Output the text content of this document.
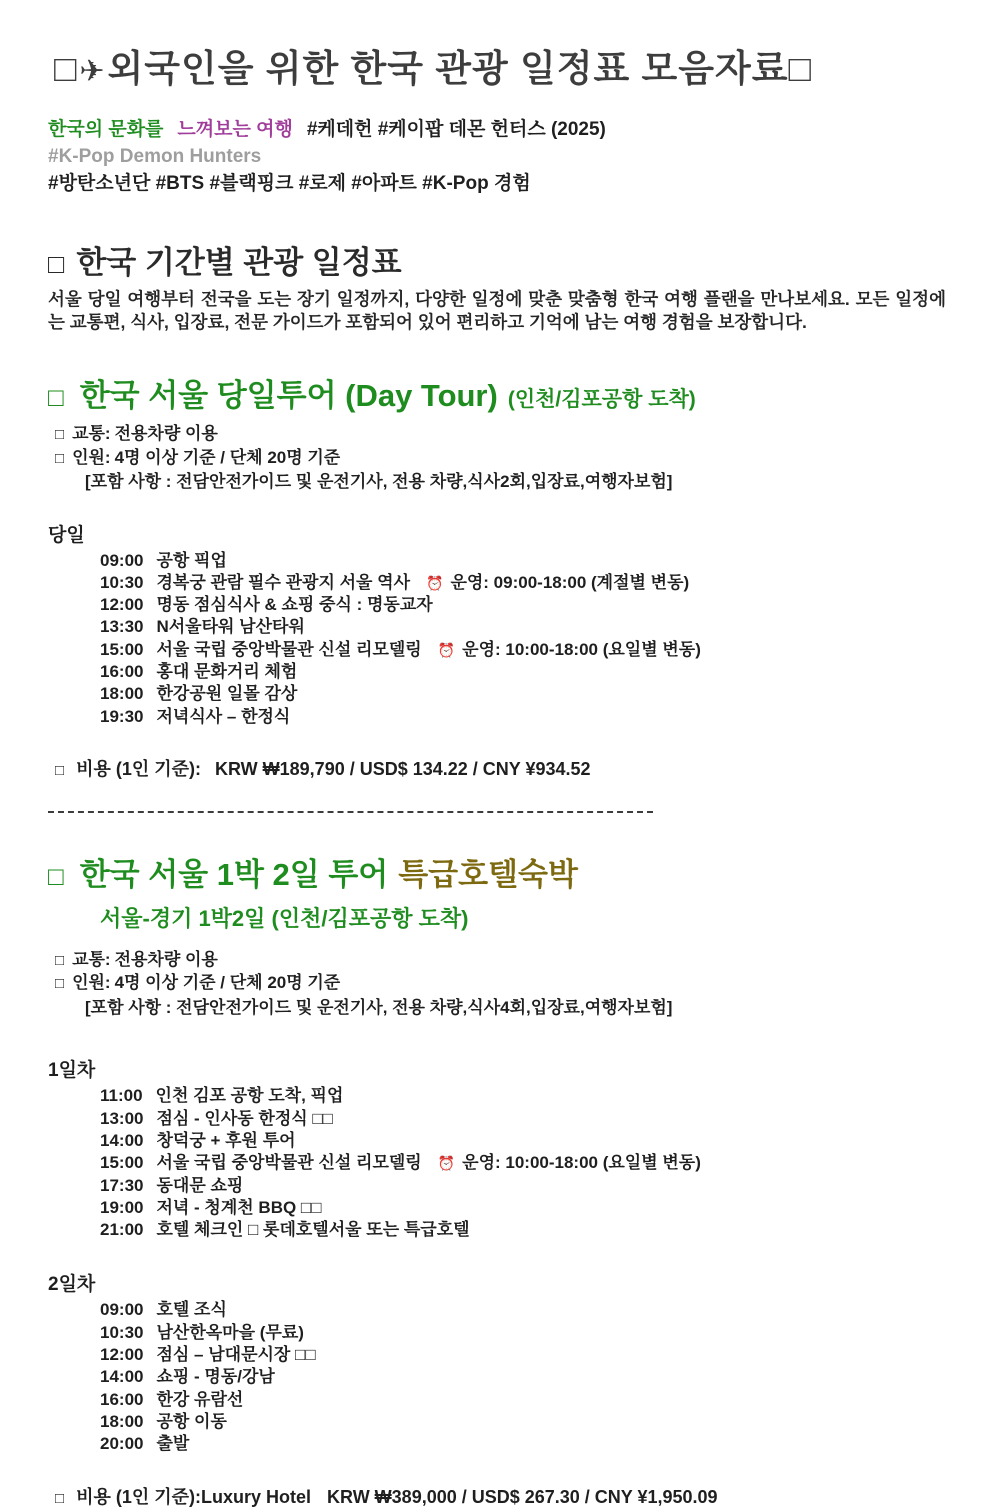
□✈외국인을 위한 한국 관광 일정표 모음자료□

한국의 문화를 느껴보는 여행 #케데헌 #케이팝 데몬 헌터스 (2025)

#K-Pop Demon Hunters

#방탄소년단 #BTS #블랙핑크 #로제 #아파트 #K-Pop 경험

□ 한국 기간별 관광 일정표

서울 당일 여행부터 전국을 도는 장기 일정까지, 다양한 일정에 맞춘 맞춤형 한국 여행 플랜을 만나보세요. 모든 일정에는 교통편, 식사, 입장료, 전문 가이드가 포함되어 있어 편리하고 기억에 남는 여행 경험을 보장합니다.

□ 한국 서울 당일투어 (Day Tour) (인천/김포공항 도착)

□ 교통: 전용차량 이용

□ 인원: 4명 이상 기준 / 단체 20명 기준

[포함 사항 : 전담안전가이드 및 운전기사, 전용 차량,식사2회,입장료,여행자보험]

당일

09:00 공항 픽업
10:30 경복궁 관람 필수 관광지 서울 역사 ⏰ 운영: 09:00-18:00 (계절별 변동)
12:00 명동 점심식사 & 쇼핑 중식 : 명동교자
13:30 N서울타워 남산타워
15:00 서울 국립 중앙박물관 신설 리모델링 ⏰ 운영: 10:00-18:00 (요일별 변동)
16:00 홍대 문화거리 체험
18:00 한강공원 일몰 감상
19:30 저녁식사 – 한정식

□ 비용 (1인 기준): KRW ₩189,790 / USD$ 134.22 / CNY ¥934.52

□ 한국 서울 1박 2일 투어 특급호텔숙박

서울-경기 1박2일 (인천/김포공항 도착)

□ 교통: 전용차량 이용

□ 인원: 4명 이상 기준 / 단체 20명 기준

[포함 사항 : 전담안전가이드 및 운전기사, 전용 차량,식사4회,입장료,여행자보험]

1일차

11:00 인천 김포 공항 도착, 픽업
13:00 점심 - 인사동 한정식 □□
14:00 창덕궁 + 후원 투어
15:00 서울 국립 중앙박물관 신설 리모델링 ⏰ 운영: 10:00-18:00 (요일별 변동)
17:30 동대문 쇼핑
19:00 저녁 - 청계천 BBQ □□
21:00 호텔 체크인 □ 롯데호텔서울 또는 특급호텔

2일차

09:00 호텔 조식
10:30 남산한옥마을 (무료)
12:00 점심 – 남대문시장 □□
14:00 쇼핑 - 명동/강남
16:00 한강 유람선
18:00 공항 이동
20:00 출발

□ 비용 (1인 기준):Luxury Hotel KRW ₩389,000 / USD$ 267.30 / CNY ¥1,950.09
